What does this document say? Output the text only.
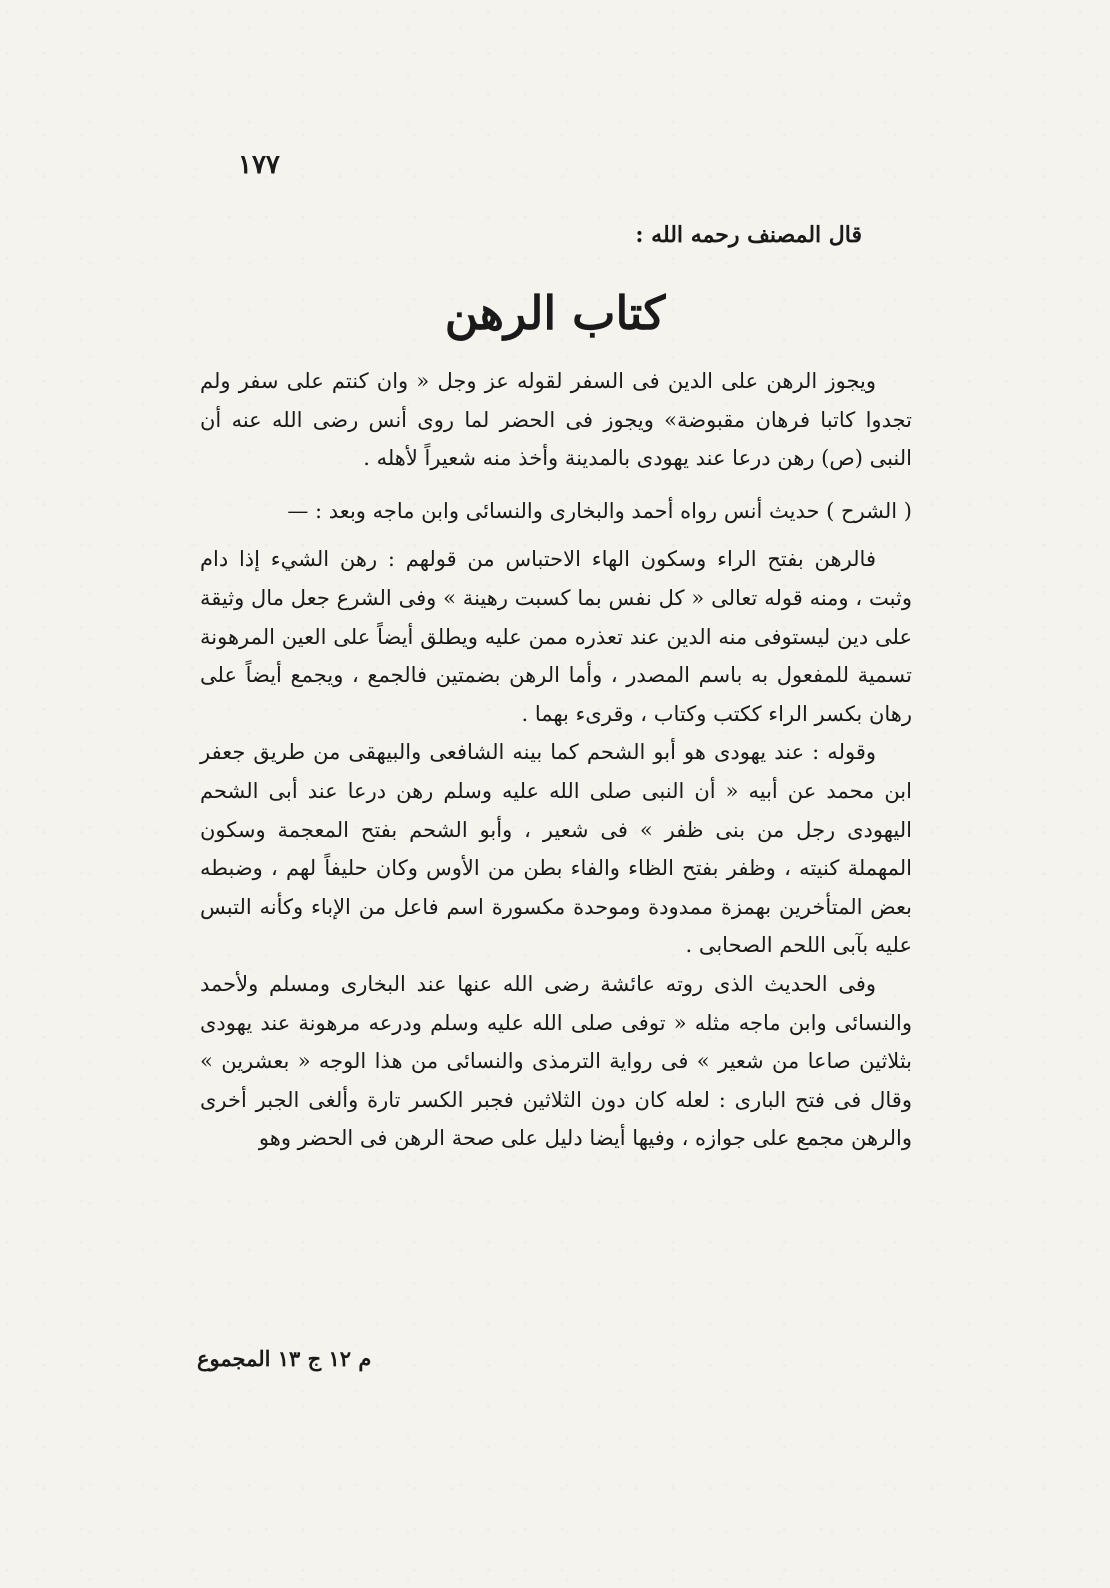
١٧٧
قال المصنف رحمه الله :
كتاب الرهن

ويجوز الرهن على الدين فى السفر لقوله عز وجل « وان كنتم على سفر ولم تجدوا كاتبا فرهان مقبوضة» ويجوز فى الحضر لما روى أنس رضى الله عنه أن النبى (ص) رهن درعا عند يهودى بالمدينة وأخذ منه شعيراً لأهله .

( الشرح ) حديث أنس رواه أحمد والبخارى والنسائى وابن ماجه وبعد : —

فالرهن بفتح الراء وسكون الهاء الاحتباس من قولهم : رهن الشيء إذا دام وثبت ، ومنه قوله تعالى « كل نفس بما كسبت رهينة » وفى الشرع جعل مال وثيقة على دين ليستوفى منه الدين عند تعذره ممن عليه ويطلق أيضاً على العين المرهونة تسمية للمفعول به باسم المصدر ، وأما الرهن بضمتين فالجمع ، ويجمع أيضاً على رهان بكسر الراء ككتب وكتاب ، وقرىء بهما .

وقوله : عند يهودى هو أبو الشحم كما بينه الشافعى والبيهقى من طريق جعفر ابن محمد عن أبيه « أن النبى صلى الله عليه وسلم رهن درعا عند أبى الشحم اليهودى رجل من بنى ظفر » فى شعير ، وأبو الشحم بفتح المعجمة وسكون المهملة كنيته ، وظفر بفتح الظاء والفاء بطن من الأوس وكان حليفاً لهم ، وضبطه بعض المتأخرين بهمزة ممدودة وموحدة مكسورة اسم فاعل من الإباء وكأنه التبس عليه بآبى اللحم الصحابى .

وفى الحديث الذى روته عائشة رضى الله عنها عند البخارى ومسلم ولأحمد والنسائى وابن ماجه مثله « توفى صلى الله عليه وسلم ودرعه مرهونة عند يهودى بثلاثين صاعا من شعير » فى رواية الترمذى والنسائى من هذا الوجه « بعشرين » وقال فى فتح البارى : لعله كان دون الثلاثين فجبر الكسر تارة وألغى الجبر أخرى والرهن مجمع على جوازه ، وفيها أيضا دليل على صحة الرهن فى الحضر وهو

م ١٢ ج ١٣ المجموع
